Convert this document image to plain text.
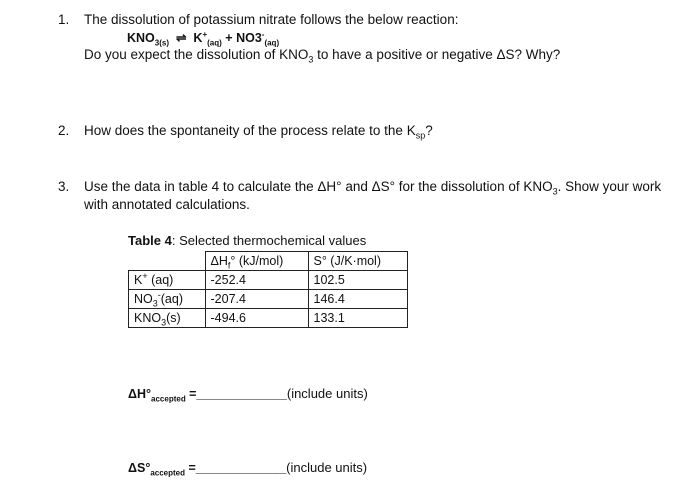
1. The dissolution of potassium nitrate follows the below reaction:
$KNO_{3(s)}$ ⇌ $K^+_{(aq)} + NO3^-_{(aq)}$
Do you expect the dissolution of $KNO_3$ to have a positive or negative ΔS? Why?
2. How does the spontaneity of the process relate to the $K_{sp}$?
3. Use the data in table 4 to calculate the ΔH° and ΔS° for the dissolution of $KNO_3$. Show your work
with annotated calculations.
Table 4: Selected thermochemical values
	$\Delta H_f^\circ$ (kJ/mol)	S° (J/K·mol)
K+ (aq)	-252.4	102.5
$NO_3^-(aq)$	-207.4	146.4
$KNO_3(s)$	-494.6	133.1
$\Delta H^\circ_{accepted}$ =_____________(include units)
$\Delta S^\circ_{accepted}$ =_____________(include units)
